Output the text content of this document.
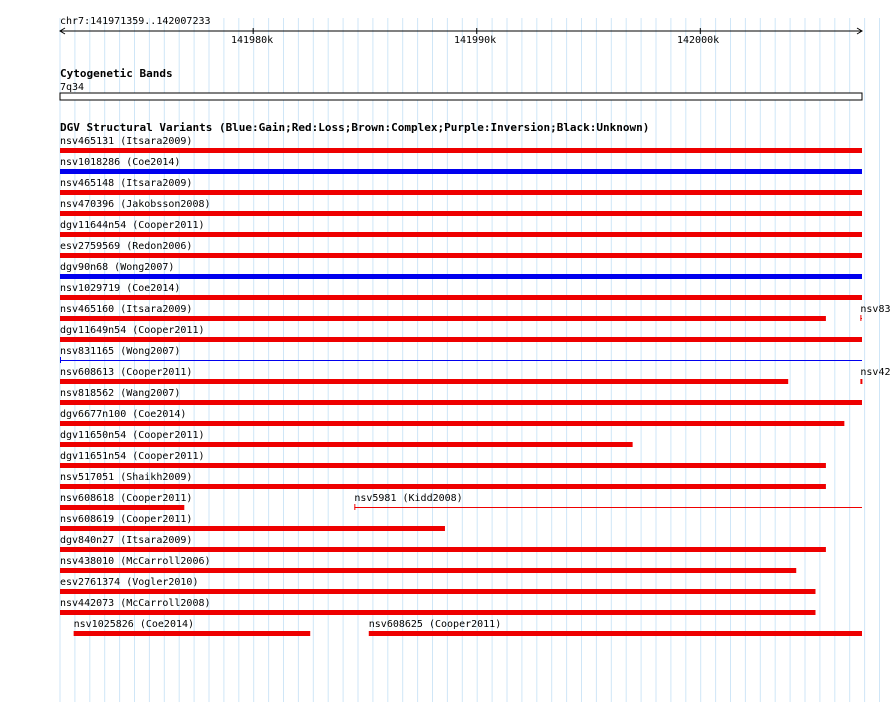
chr7:141971359..142007233
141980k	141990k	142000k
Cytogenetic Bands
7q34
DGV Structural Variants (Blue:Gain;Red:Loss;Brown:Complex;Purple:Inversion;Black:Unknown)
nsv465131 (Itsara2009)
nsv1018286 (Coe2014)
nsv465148 (Itsara2009)
nsv470396 (Jakobsson2008)
dgv11644n54 (Cooper2011)
esv2759569 (Redon2006)
dgv90n68 (Wong2007)
nsv1029719 (Coe2014)
nsv465160 (Itsara2009)
dgv11649n54 (Cooper2011)
nsv831165 (Wong2007)
nsv608613 (Cooper2011)
nsv818562 (Wang2007)
dgv6677n100 (Coe2014)
dgv11650n54 (Cooper2011)
dgv11651n54 (Cooper2011)
nsv517051 (Shaikh2009)
nsv608618 (Cooper2011)
nsv608619 (Cooper2011)
dgv840n27 (Itsara2009)
nsv438010 (McCarroll2006)
esv2761374 (Vogler2010)
nsv442073 (McCarroll2008)
nsv1025826 (Coe2014)
nsv5981 (Kidd2008)
nsv608625 (Cooper2011)
nsv83
nsv42
